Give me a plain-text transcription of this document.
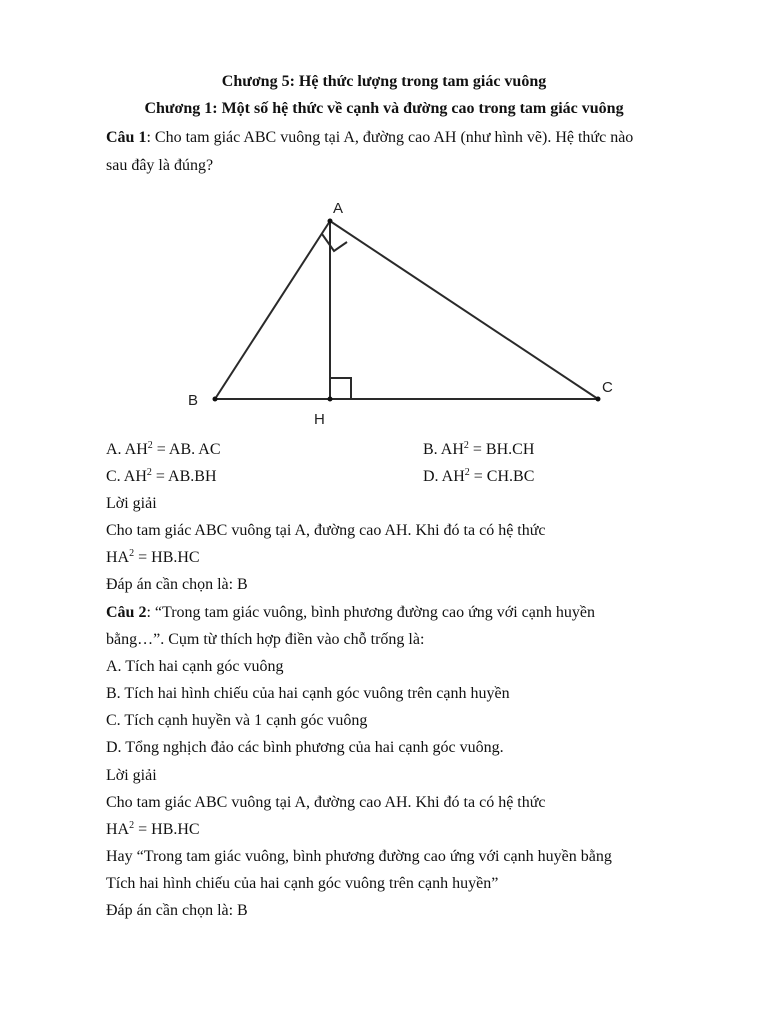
Chương 5: Hệ thức lượng trong tam giác vuông
Chương 1: Một số hệ thức về cạnh và đường cao trong tam giác vuông
Câu 1: Cho tam giác ABC vuông tại A, đường cao AH (như hình vẽ). Hệ thức nào
sau đây là đúng?
A
B
C
H
A. $AH^2$ = AB. AC	B. $AH^2 = BH.CH$
C. $AH^2 = AB.BH$	D. $AH^2 = CH.BC$
Lời giải
Cho tam giác ABC vuông tại A, đường cao AH. Khi đó ta có hệ thức
$HA^2 = HB.HC$
Đáp án cần chọn là: B
Câu 2: “Trong tam giác vuông, bình phương đường cao ứng với cạnh huyền
bằng…”. Cụm từ thích hợp điền vào chỗ trống là:
A. Tích hai cạnh góc vuông
B. Tích hai hình chiếu của hai cạnh góc vuông trên cạnh huyền
C. Tích cạnh huyền và 1 cạnh góc vuông
D. Tổng nghịch đảo các bình phương của hai cạnh góc vuông.
Lời giải
Cho tam giác ABC vuông tại A, đường cao AH. Khi đó ta có hệ thức
$HA^2 = HB.HC$
Hay “Trong tam giác vuông, bình phương đường cao ứng với cạnh huyền bằng
Tích hai hình chiếu của hai cạnh góc vuông trên cạnh huyền”
Đáp án cần chọn là: B
